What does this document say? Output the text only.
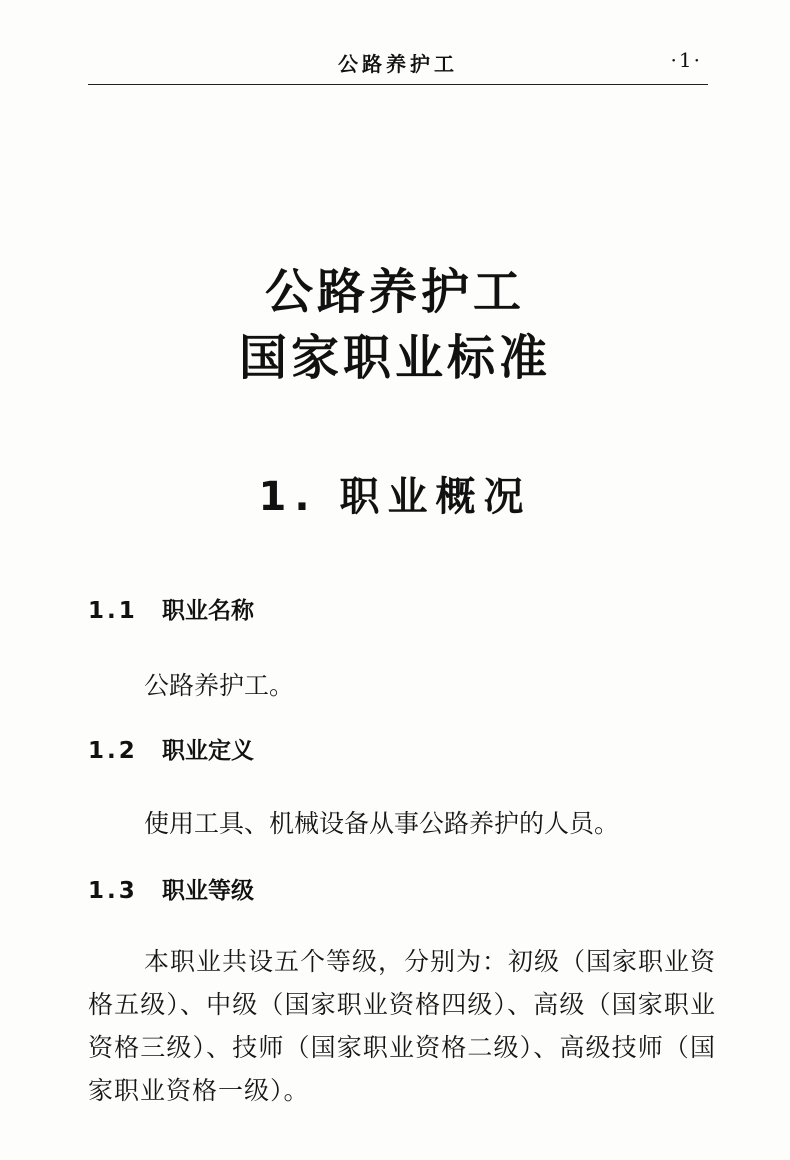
公路养护工	·1·
公路养护工
国家职业标准
1. 职业概况
1.1 职业名称
公路养护工。
1.2 职业定义
使用工具、机械设备从事公路养护的人员。
1.3 职业等级
本职业共设五个等级，分别为：初级（国家职业资格五级）、中级（国家职业资格四级）、高级（国家职业资格三级）、技师（国家职业资格二级）、高级技师（国家职业资格一级）。
